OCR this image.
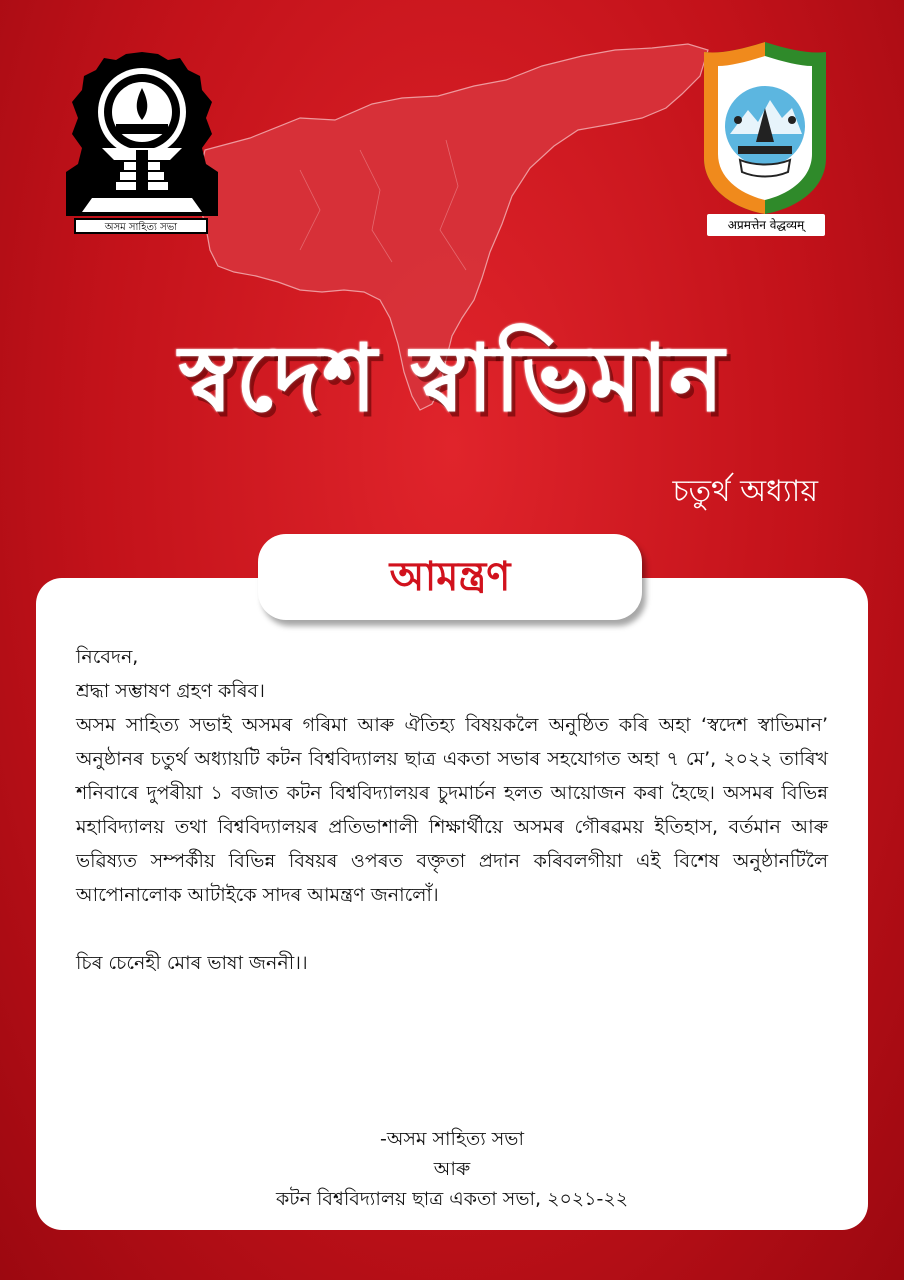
অসম সাহিত্য সভা	अप्रमत्तेन वेद्धव्यम्
স্বদেশ স্বাভিমান
চতুৰ্থ অধ্যায়
আমন্ত্ৰণ

নিবেদন,

শ্ৰদ্ধা সম্ভাষণ গ্ৰহণ কৰিব।

অসম সাহিত্য সভাই অসমৰ গৰিমা আৰু ঐতিহ্য বিষয়কলৈ অনুষ্ঠিত কৰি অহা ‘স্বদেশ স্বাভিমান’ অনুষ্ঠানৰ চতুৰ্থ অধ্যায়টি কটন বিশ্ববিদ্যালয় ছাত্ৰ একতা সভাৰ সহযোগত অহা ৭ মে’, ২০২২ তাৰিখ শনিবাৰে দুপৰীয়া ১ বজাত কটন বিশ্ববিদ্যালয়ৰ চুদমাৰ্চন হলত আয়োজন কৰা হৈছে। অসমৰ বিভিন্ন মহাবিদ্যালয় তথা বিশ্ববিদ্যালয়ৰ প্ৰতিভাশালী শিক্ষাৰ্থীয়ে অসমৰ গৌৰৱময় ইতিহাস, বৰ্তমান আৰু ভৱিষ্যত সম্পৰ্কীয় বিভিন্ন বিষয়ৰ ওপৰত বক্তৃতা প্ৰদান কৰিবলগীয়া এই বিশেষ অনুষ্ঠানটিলৈ আপোনালোক আটাইকে সাদৰ আমন্ত্ৰণ জনালোঁ।

চিৰ চেনেহী মোৰ ভাষা জননী।।

-অসম সাহিত্য সভা
আৰু
কটন বিশ্ববিদ্যালয় ছাত্ৰ একতা সভা, ২০২১-২২
